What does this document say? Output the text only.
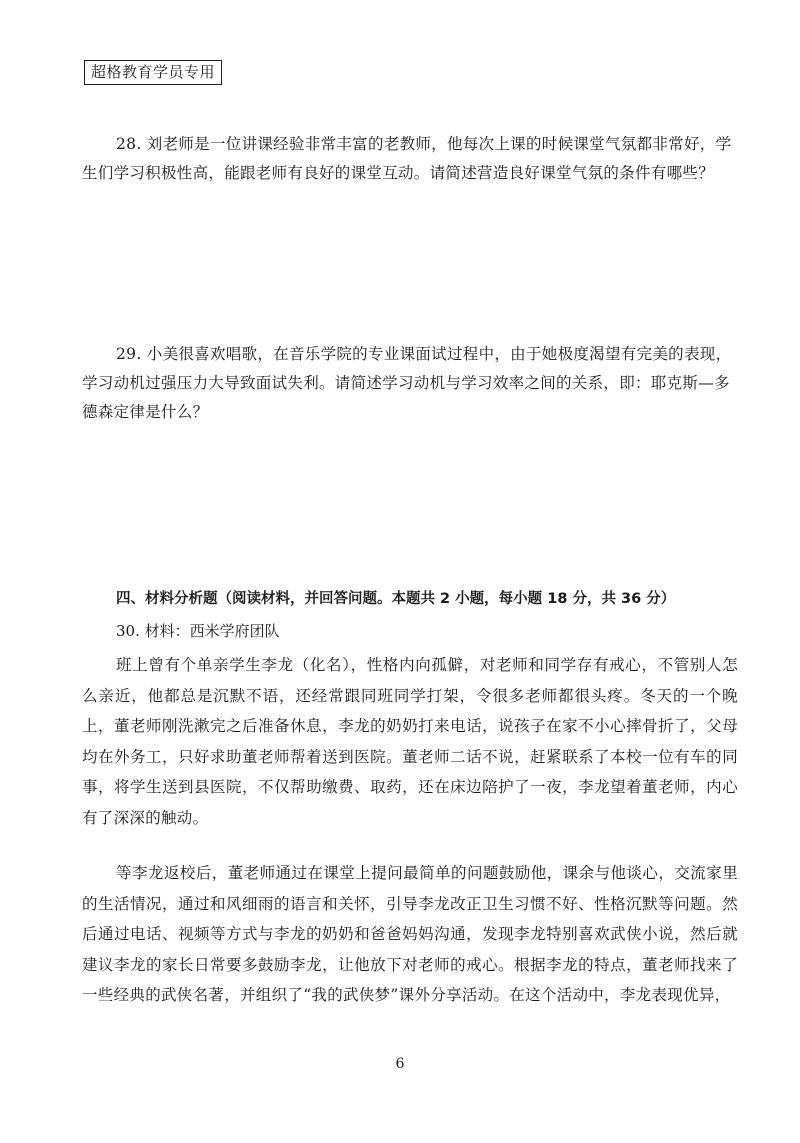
超格教育学员专用
28. 刘老师是一位讲课经验非常丰富的老教师，他每次上课的时候课堂气氛都非常好，学生们学习积极性高，能跟老师有良好的课堂互动。请简述营造良好课堂气氛的条件有哪些？
29. 小美很喜欢唱歌，在音乐学院的专业课面试过程中，由于她极度渴望有完美的表现，学习动机过强压力大导致面试失利。请简述学习动机与学习效率之间的关系，即：耶克斯—多德森定律是什么？
四、材料分析题（阅读材料，并回答问题。本题共 2 小题，每小题 18 分，共 36 分）
30. 材料：西米学府团队
班上曾有个单亲学生李龙（化名），性格内向孤僻，对老师和同学存有戒心，不管别人怎么亲近，他都总是沉默不语，还经常跟同班同学打架，令很多老师都很头疼。冬天的一个晚上，董老师刚洗漱完之后准备休息，李龙的奶奶打来电话，说孩子在家不小心摔骨折了，父母均在外务工，只好求助董老师帮着送到医院。董老师二话不说，赶紧联系了本校一位有车的同事，将学生送到县医院，不仅帮助缴费、取药，还在床边陪护了一夜，李龙望着董老师，内心有了深深的触动。
等李龙返校后，董老师通过在课堂上提问最简单的问题鼓励他，课余与他谈心，交流家里的生活情况，通过和风细雨的语言和关怀，引导李龙改正卫生习惯不好、性格沉默等问题。然后通过电话、视频等方式与李龙的奶奶和爸爸妈妈沟通，发现李龙特别喜欢武侠小说，然后就建议李龙的家长日常要多鼓励李龙，让他放下对老师的戒心。根据李龙的特点，董老师找来了一些经典的武侠名著，并组织了“我的武侠梦”课外分享活动。在这个活动中，李龙表现优异，
6
